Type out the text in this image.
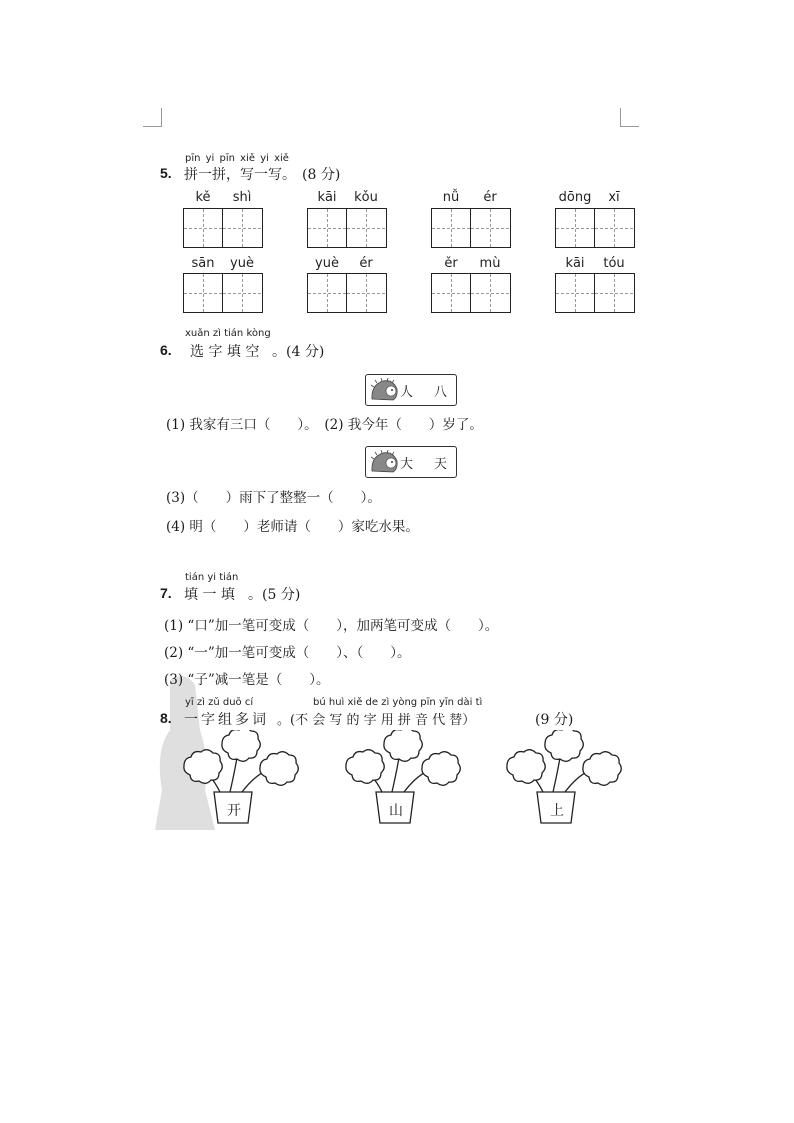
pīn yi pīn xiě yi xiě
5. 拼一拼，写一写。 (8 分)
kě	shì	kāi	kǒu	nǚ	ér	dōng	xī
sān	yuè	yuè	ér	ěr	mù	kāi	tóu
xuǎn zì tián kòng
6. 选 字 填 空 。(4 分)
人 八
(1) 我家有三口（　　）。　(2) 我今年（　　）岁了。
大 天
(3)（　　）雨下了整整一（　　）。
(4) 明（　　）老师请（　　）家吃水果。
tián yi tián
7. 填 一 填 。(5 分)
(1) “口”加一笔可变成（　　），加两笔可变成（　　）。
(2) “一”加一笔可变成（　　）、（　　）。
(3) “子”减一笔是（　　）。
yī zì zǔ duō cí	bú huì xiě de zì yòng pīn yīn dài tì
8. 一字组多词 。(不 会 写 的 字 用 拼 音 代 替）	(9 分)
开	山	上
